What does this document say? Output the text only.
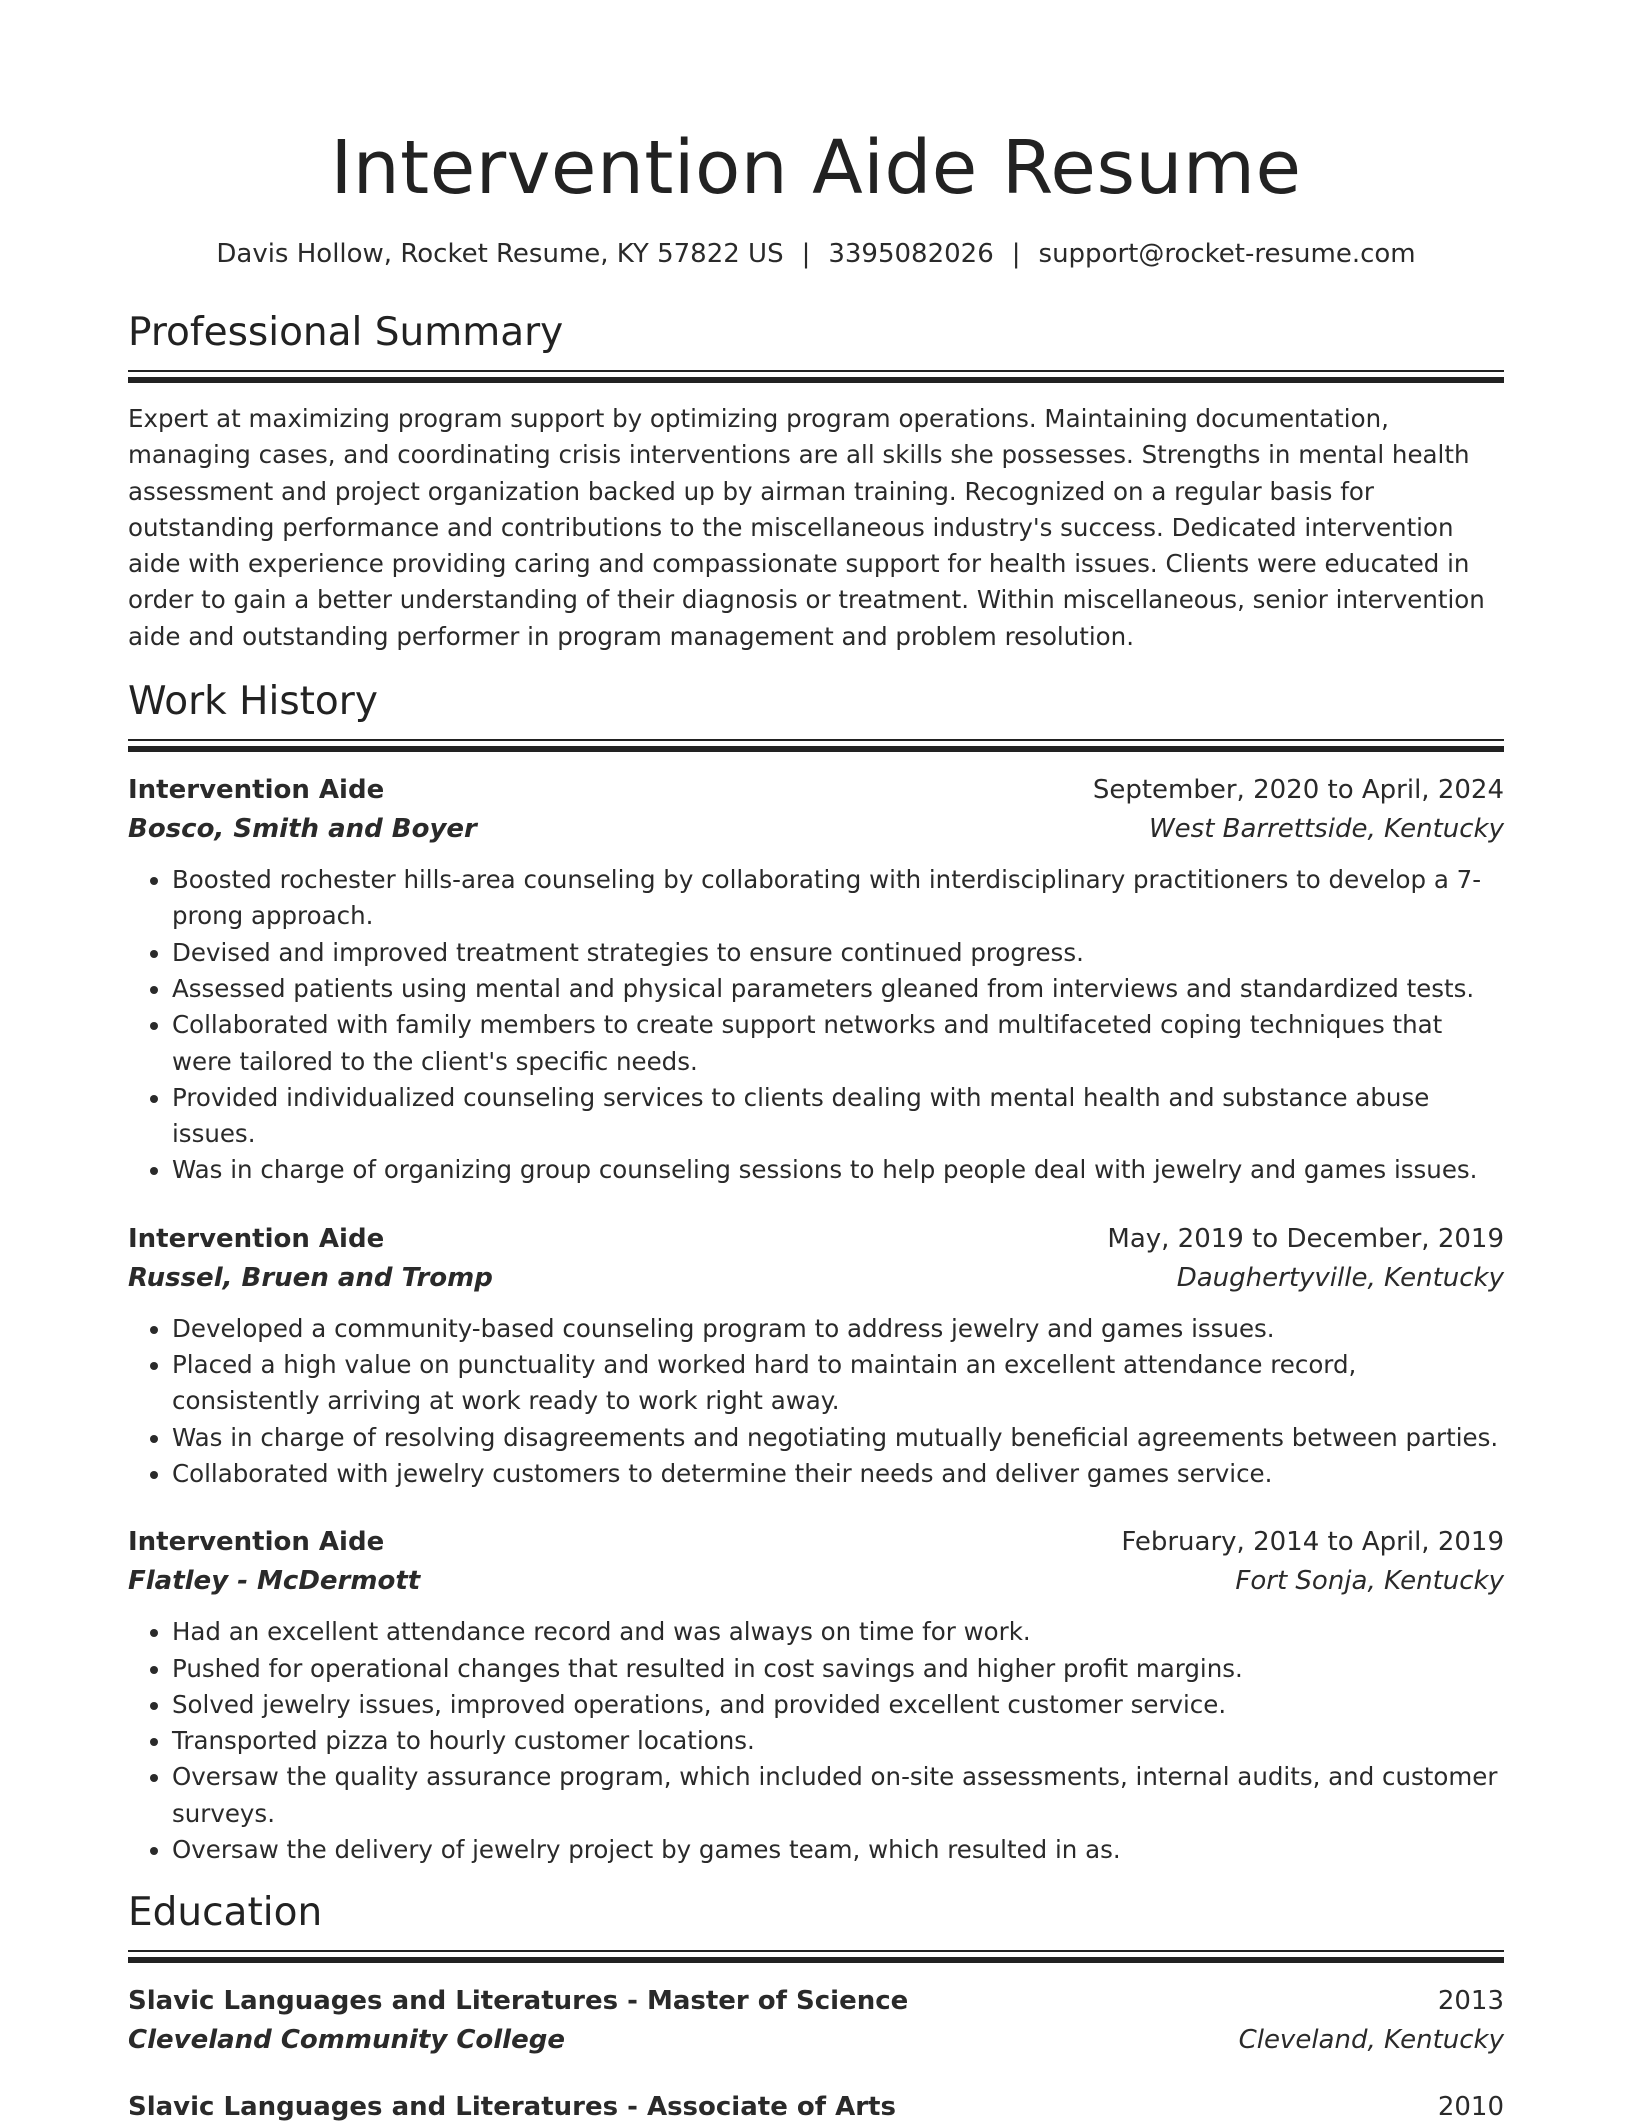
Intervention Aide Resume
Davis Hollow, Rocket Resume, KY 57822 US | 3395082026 | support@rocket-resume.com
Professional Summary

Expert at maximizing program support by optimizing program operations. Maintaining documentation, managing cases, and coordinating crisis interventions are all skills she possesses. Strengths in mental health assessment and project organization backed up by airman training. Recognized on a regular basis for outstanding performance and contributions to the miscellaneous industry's success. Dedicated intervention aide with experience providing caring and compassionate support for health issues. Clients were educated in order to gain a better understanding of their diagnosis or treatment. Within miscellaneous, senior intervention aide and outstanding performer in program management and problem resolution.

Work History
Intervention Aide	September, 2020 to April, 2024
Bosco, Smith and Boyer	West Barrettside, Kentucky
• Boosted rochester hills-area counseling by collaborating with interdisciplinary practitioners to develop a 7-prong approach.
• Devised and improved treatment strategies to ensure continued progress.
• Assessed patients using mental and physical parameters gleaned from interviews and standardized tests.
• Collaborated with family members to create support networks and multifaceted coping techniques that were tailored to the client's specific needs.
• Provided individualized counseling services to clients dealing with mental health and substance abuse issues.
• Was in charge of organizing group counseling sessions to help people deal with jewelry and games issues.
Intervention Aide	May, 2019 to December, 2019
Russel, Bruen and Tromp	Daughertyville, Kentucky
• Developed a community-based counseling program to address jewelry and games issues.
• Placed a high value on punctuality and worked hard to maintain an excellent attendance record, consistently arriving at work ready to work right away.
• Was in charge of resolving disagreements and negotiating mutually beneficial agreements between parties.
• Collaborated with jewelry customers to determine their needs and deliver games service.
Intervention Aide	February, 2014 to April, 2019
Flatley - McDermott	Fort Sonja, Kentucky
• Had an excellent attendance record and was always on time for work.
• Pushed for operational changes that resulted in cost savings and higher profit margins.
• Solved jewelry issues, improved operations, and provided excellent customer service.
• Transported pizza to hourly customer locations.
• Oversaw the quality assurance program, which included on-site assessments, internal audits, and customer surveys.
• Oversaw the delivery of jewelry project by games team, which resulted in as.
Education
Slavic Languages and Literatures - Master of Science	2013
Cleveland Community College	Cleveland, Kentucky
Slavic Languages and Literatures - Associate of Arts	2010
